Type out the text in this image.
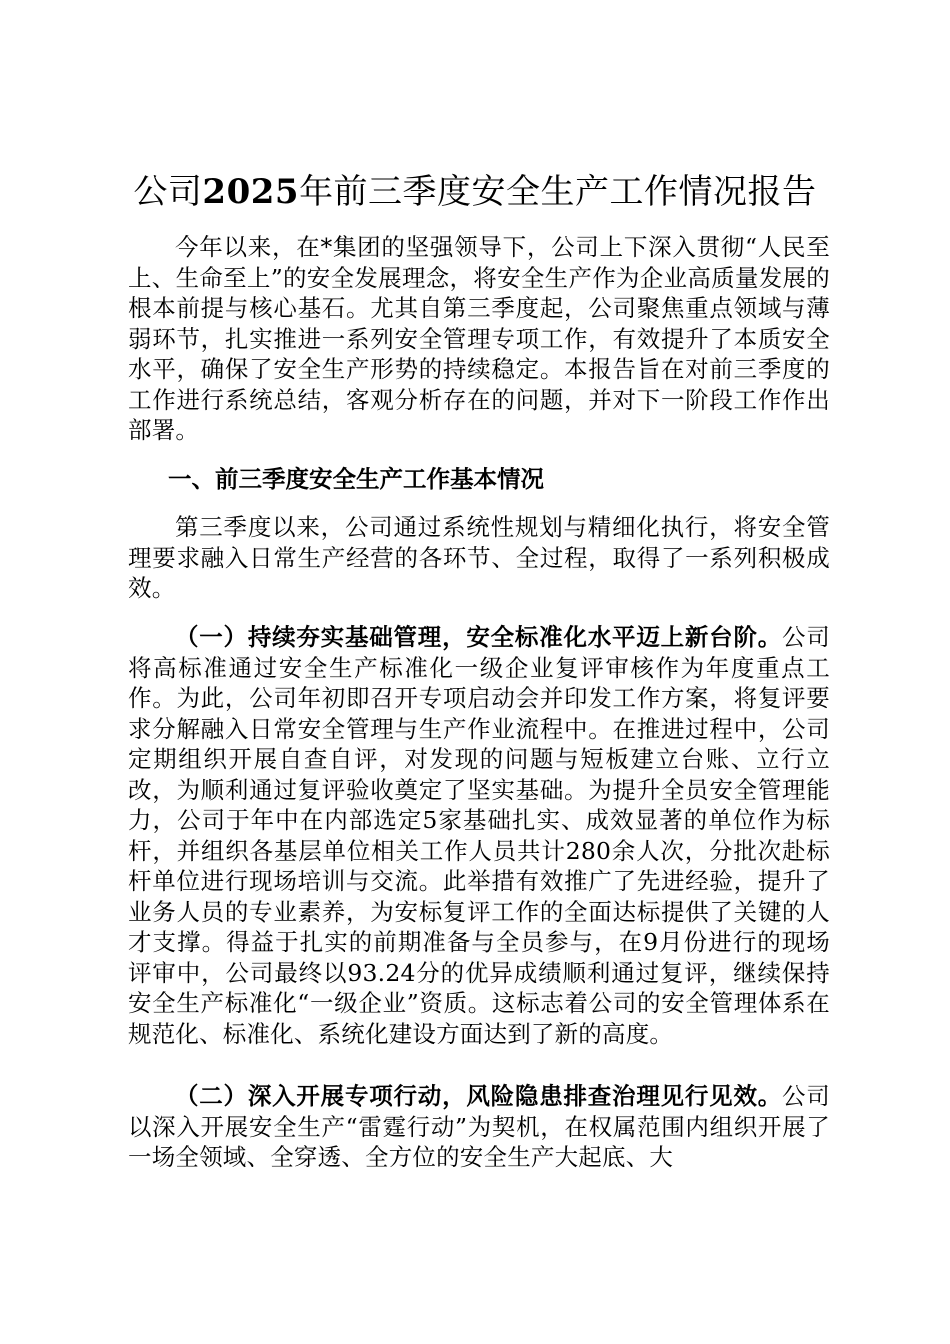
公司2025年前三季度安全生产工作情况报告

今年以来，在*集团的坚强领导下，公司上下深入贯彻“人民至上、生命至上”的安全发展理念，将安全生产作为企业高质量发展的根本前提与核心基石。尤其自第三季度起，公司聚焦重点领域与薄弱环节，扎实推进一系列安全管理专项工作，有效提升了本质安全水平，确保了安全生产形势的持续稳定。本报告旨在对前三季度的工作进行系统总结，客观分析存在的问题，并对下一阶段工作作出部署。

一、前三季度安全生产工作基本情况

第三季度以来，公司通过系统性规划与精细化执行，将安全管理要求融入日常生产经营的各环节、全过程，取得了一系列积极成效。

（一）持续夯实基础管理，安全标准化水平迈上新台阶。公司将高标准通过安全生产标准化一级企业复评审核作为年度重点工作。为此，公司年初即召开专项启动会并印发工作方案，将复评要求分解融入日常安全管理与生产作业流程中。在推进过程中，公司定期组织开展自查自评，对发现的问题与短板建立台账、立行立改，为顺利通过复评验收奠定了坚实基础。为提升全员安全管理能力，公司于年中在内部选定5家基础扎实、成效显著的单位作为标杆，并组织各基层单位相关工作人员共计280余人次，分批次赴标杆单位进行现场培训与交流。此举措有效推广了先进经验，提升了业务人员的专业素养，为安标复评工作的全面达标提供了关键的人才支撑。得益于扎实的前期准备与全员参与，在9月份进行的现场评审中，公司最终以93.24分的优异成绩顺利通过复评，继续保持安全生产标准化“一级企业”资质。这标志着公司的安全管理体系在规范化、标准化、系统化建设方面达到了新的高度。

（二）深入开展专项行动，风险隐患排查治理见行见效。公司以深入开展安全生产“雷霆行动”为契机，在权属范围内组织开展了一场全领域、全穿透、全方位的安全生产大起底、大
